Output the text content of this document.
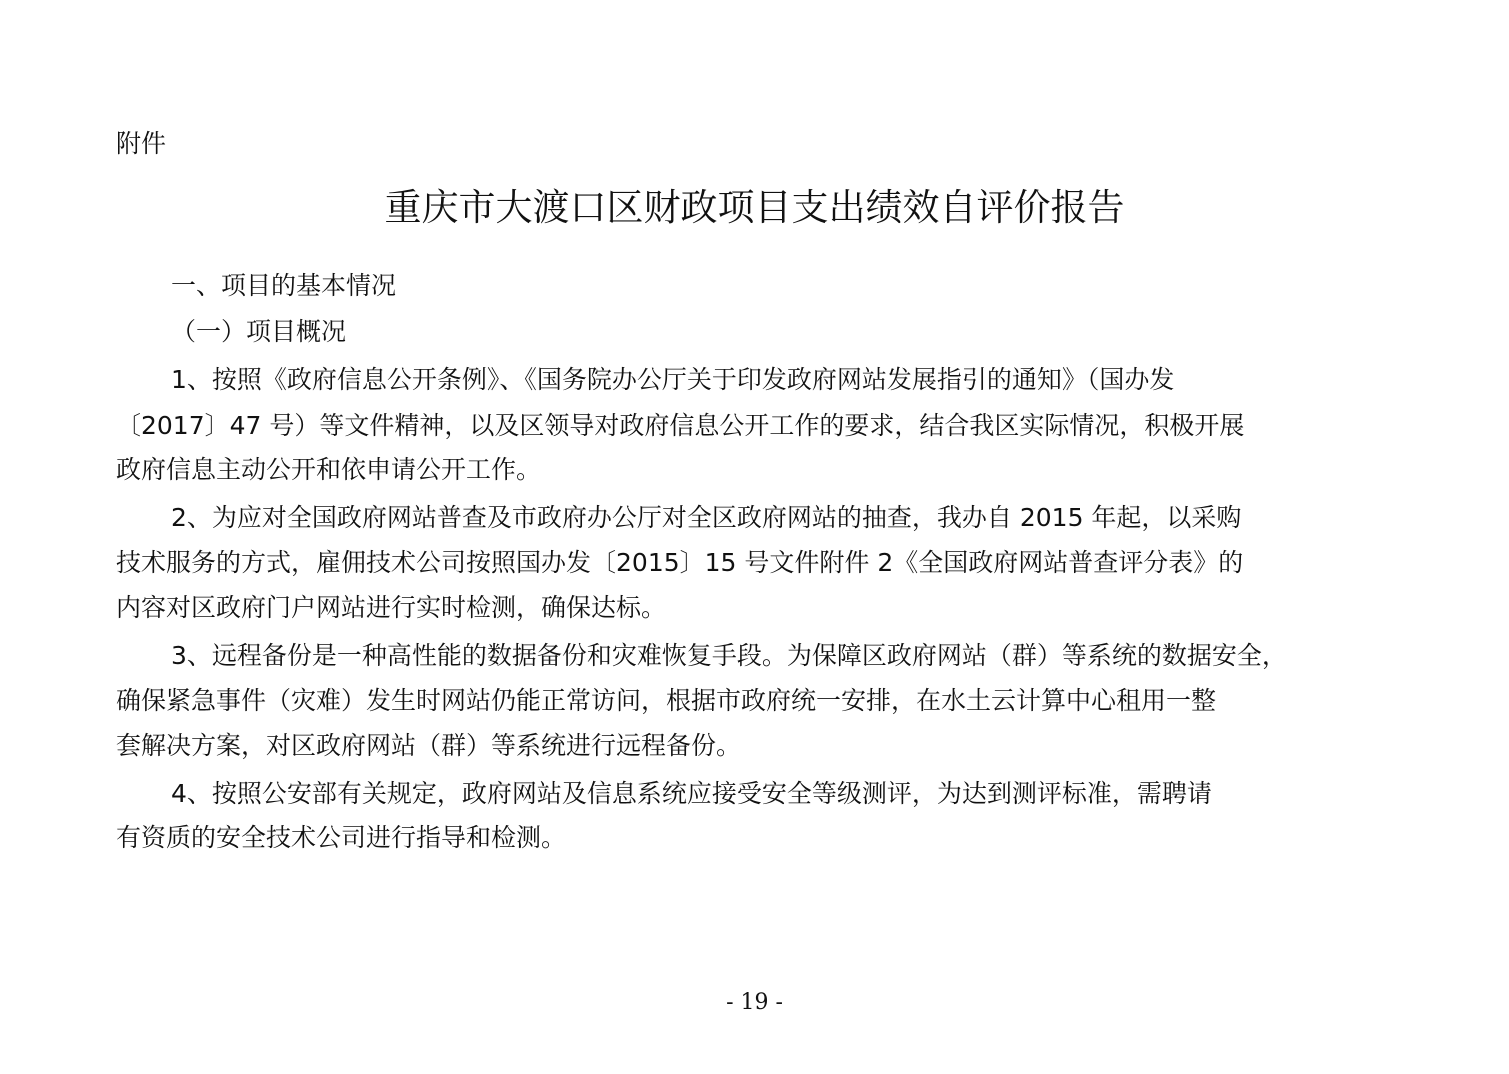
附件
重庆市大渡口区财政项目支出绩效自评价报告
一、项目的基本情况
（一）项目概况
1、按照《政府信息公开条例》、《国务院办公厅关于印发政府网站发展指引的通知》（国办发
〔2017〕47 号）等文件精神，以及区领导对政府信息公开工作的要求，结合我区实际情况，积极开展
政府信息主动公开和依申请公开工作。
2、为应对全国政府网站普查及市政府办公厅对全区政府网站的抽查，我办自 2015 年起，以采购
技术服务的方式，雇佣技术公司按照国办发〔2015〕15 号文件附件 2《全国政府网站普查评分表》的
内容对区政府门户网站进行实时检测，确保达标。
3、远程备份是一种高性能的数据备份和灾难恢复手段。为保障区政府网站（群）等系统的数据安全，
确保紧急事件（灾难）发生时网站仍能正常访问，根据市政府统一安排，在水土云计算中心租用一整
套解决方案，对区政府网站（群）等系统进行远程备份。
4、按照公安部有关规定，政府网站及信息系统应接受安全等级测评，为达到测评标准，需聘请
有资质的安全技术公司进行指导和检测。
- 19 -
